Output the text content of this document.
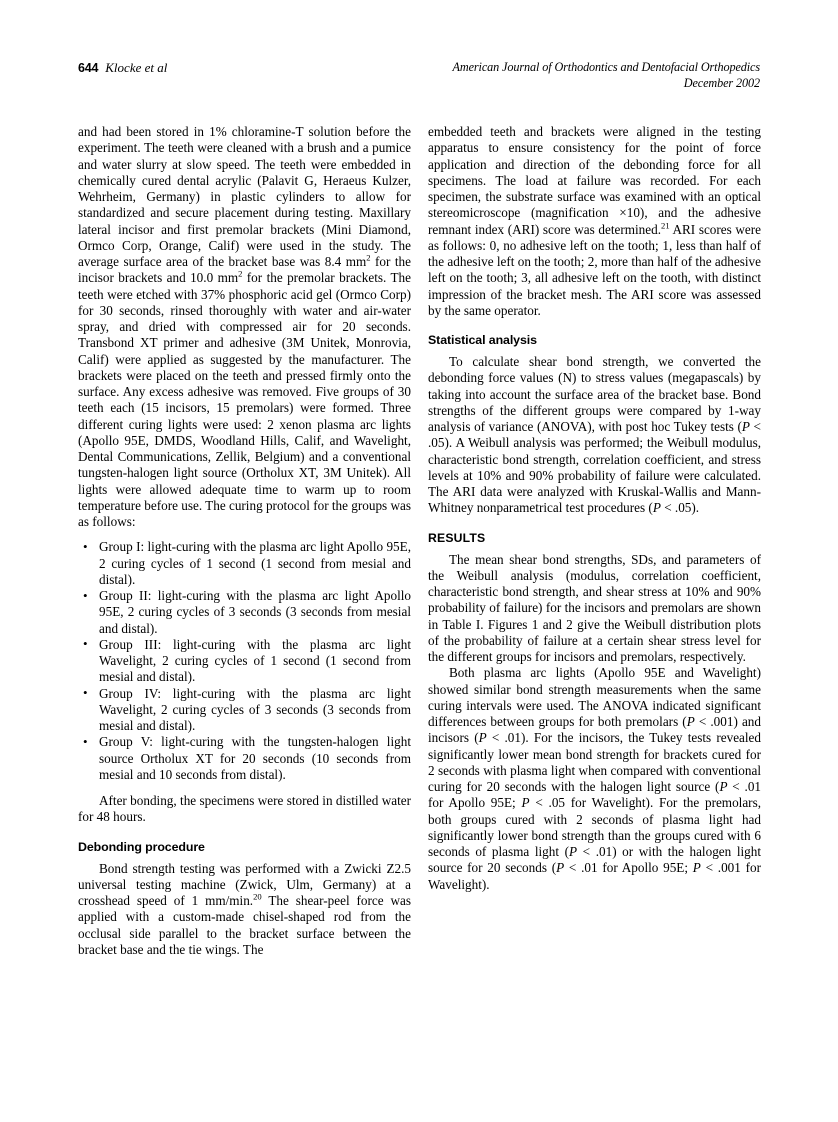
644 Klocke et al	American Journal of Orthodontics and Dentofacial Orthopedics
December 2002

and had been stored in 1% chloramine-T solution before the experiment. The teeth were cleaned with a brush and a pumice and water slurry at slow speed. The teeth were embedded in chemically cured dental acrylic (Palavit G, Heraeus Kulzer, Wehrheim, Germany) in plastic cylinders to allow for standardized and secure placement during testing. Maxillary lateral incisor and first premolar brackets (Mini Diamond, Ormco Corp, Orange, Calif) were used in the study. The average surface area of the bracket base was 8.4 $mm^2$ for the incisor brackets and 10.0 $mm^2$ for the premolar brackets. The teeth were etched with 37% phosphoric acid gel (Ormco Corp) for 30 seconds, rinsed thoroughly with water and air-water spray, and dried with compressed air for 20 seconds. Transbond XT primer and adhesive (3M Unitek, Monrovia, Calif) were applied as suggested by the manufacturer. The brackets were placed on the teeth and pressed firmly onto the surface. Any excess adhesive was removed. Five groups of 30 teeth each (15 incisors, 15 premolars) were formed. Three different curing lights were used: 2 xenon plasma arc lights (Apollo 95E, DMDS, Woodland Hills, Calif, and Wavelight, Dental Communications, Zellik, Belgium) and a conventional tungsten-halogen light source (Ortholux XT, 3M Unitek). All lights were allowed adequate time to warm up to room temperature before use. The curing protocol for the groups was as follows:

• Group I: light-curing with the plasma arc light Apollo 95E, 2 curing cycles of 1 second (1 second from mesial and distal).
• Group II: light-curing with the plasma arc light Apollo 95E, 2 curing cycles of 3 seconds (3 seconds from mesial and distal).
• Group III: light-curing with the plasma arc light Wavelight, 2 curing cycles of 1 second (1 second from mesial and distal).
• Group IV: light-curing with the plasma arc light Wavelight, 2 curing cycles of 3 seconds (3 seconds from mesial and distal).
• Group V: light-curing with the tungsten-halogen light source Ortholux XT for 20 seconds (10 seconds from mesial and 10 seconds from distal).

After bonding, the specimens were stored in distilled water for 48 hours.

Debonding procedure

Bond strength testing was performed with a Zwicki Z2.5 universal testing machine (Zwick, Ulm, Germany) at a crosshead speed of 1 mm/min.$^{20}$ The shear-peel force was applied with a custom-made chisel-shaped rod from the occlusal side parallel to the bracket surface between the bracket base and the tie wings. The

embedded teeth and brackets were aligned in the testing apparatus to ensure consistency for the point of force application and direction of the debonding force for all specimens. The load at failure was recorded. For each specimen, the substrate surface was examined with an optical stereomicroscope (magnification ×10), and the adhesive remnant index (ARI) score was determined.$^{21}$ ARI scores were as follows: 0, no adhesive left on the tooth; 1, less than half of the adhesive left on the tooth; 2, more than half of the adhesive left on the tooth; 3, all adhesive left on the tooth, with distinct impression of the bracket mesh. The ARI score was assessed by the same operator.

Statistical analysis

To calculate shear bond strength, we converted the debonding force values (N) to stress values (megapascals) by taking into account the surface area of the bracket base. Bond strengths of the different groups were compared by 1-way analysis of variance (ANOVA), with post hoc Tukey tests (P < .05). A Weibull analysis was performed; the Weibull modulus, characteristic bond strength, correlation coefficient, and stress levels at 10% and 90% probability of failure were calculated. The ARI data were analyzed with Kruskal-Wallis and Mann-Whitney nonparametrical test procedures (P < .05).

RESULTS

The mean shear bond strengths, SDs, and parameters of the Weibull analysis (modulus, correlation coefficient, characteristic bond strength, and shear stress at 10% and 90% probability of failure) for the incisors and premolars are shown in Table I. Figures 1 and 2 give the Weibull distribution plots of the probability of failure at a certain shear stress level for the different groups for incisors and premolars, respectively.

Both plasma arc lights (Apollo 95E and Wavelight) showed similar bond strength measurements when the same curing intervals were used. The ANOVA indicated significant differences between groups for both premolars (P < .001) and incisors (P < .01). For the incisors, the Tukey tests revealed significantly lower mean bond strength for brackets cured for 2 seconds with plasma light when compared with conventional curing for 20 seconds with the halogen light source (P < .01 for Apollo 95E; P < .05 for Wavelight). For the premolars, both groups cured with 2 seconds of plasma light had significantly lower bond strength than the groups cured with 6 seconds of plasma light (P < .01) or with the halogen light source for 20 seconds (P < .01 for Apollo 95E; P < .001 for Wavelight).
